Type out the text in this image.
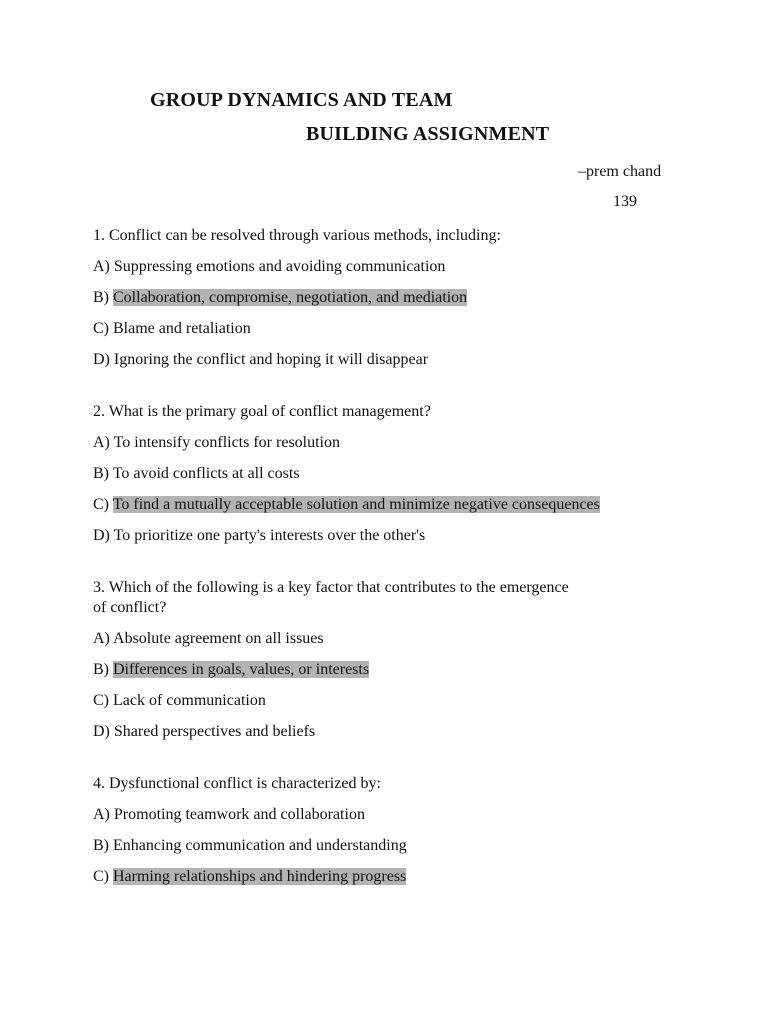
GROUP DYNAMICS AND TEAM
BUILDING ASSIGNMENT
–prem chand
139
1. Conflict can be resolved through various methods, including:
A) Suppressing emotions and avoiding communication
B) Collaboration, compromise, negotiation, and mediation
C) Blame and retaliation
D) Ignoring the conflict and hoping it will disappear
2. What is the primary goal of conflict management?
A) To intensify conflicts for resolution
B) To avoid conflicts at all costs
C) To find a mutually acceptable solution and minimize negative consequences
D) To prioritize one party's interests over the other's
3. Which of the following is a key factor that contributes to the emergence
of conflict?
A) Absolute agreement on all issues
B) Differences in goals, values, or interests
C) Lack of communication
D) Shared perspectives and beliefs
4. Dysfunctional conflict is characterized by:
A) Promoting teamwork and collaboration
B) Enhancing communication and understanding
C) Harming relationships and hindering progress
